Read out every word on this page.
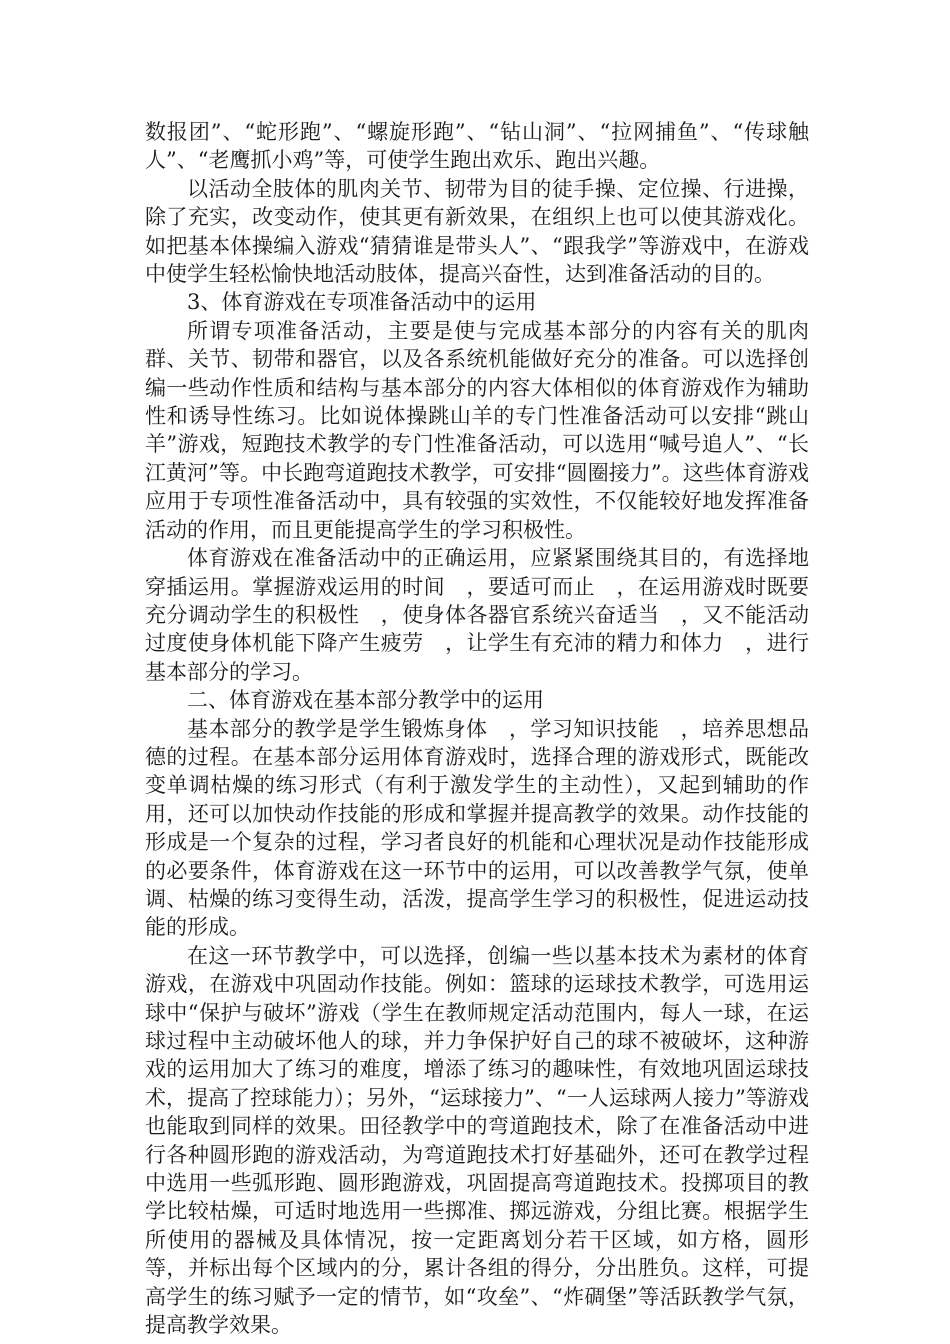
数报团”、“蛇形跑”、“螺旋形跑”、“钻山洞”、“拉网捕鱼”、“传球触人”、“老鹰抓小鸡”等，可使学生跑出欢乐、跑出兴趣。

以活动全肢体的肌肉关节、韧带为目的徒手操、定位操、行进操，除了充实，改变动作，使其更有新效果，在组织上也可以使其游戏化。如把基本体操编入游戏“猜猜谁是带头人”、“跟我学”等游戏中，在游戏中使学生轻松愉快地活动肢体，提高兴奋性，达到准备活动的目的。

3、体育游戏在专项准备活动中的运用

所谓专项准备活动，主要是使与完成基本部分的内容有关的肌肉群、关节、韧带和器官，以及各系统机能做好充分的准备。可以选择创编一些动作性质和结构与基本部分的内容大体相似的体育游戏作为辅助性和诱导性练习。比如说体操跳山羊的专门性准备活动可以安排“跳山羊”游戏，短跑技术教学的专门性准备活动，可以选用“喊号追人”、“长江黄河”等。中长跑弯道跑技术教学，可安排“圆圈接力”。这些体育游戏应用于专项性准备活动中，具有较强的实效性，不仅能较好地发挥准备活动的作用，而且更能提高学生的学习积极性。

体育游戏在准备活动中的正确运用，应紧紧围绕其目的，有选择地穿插运用。掌握游戏运用的时间　，要适可而止　，在运用游戏时既要充分调动学生的积极性　，使身体各器官系统兴奋适当　，又不能活动过度使身体机能下降产生疲劳　，让学生有充沛的精力和体力　，进行基本部分的学习。

二、体育游戏在基本部分教学中的运用

基本部分的教学是学生锻炼身体　，学习知识技能　，培养思想品德的过程。在基本部分运用体育游戏时，选择合理的游戏形式，既能改变单调枯燥的练习形式（有利于激发学生的主动性），又起到辅助的作用，还可以加快动作技能的形成和掌握并提高教学的效果。动作技能的形成是一个复杂的过程，学习者良好的机能和心理状况是动作技能形成的必要条件，体育游戏在这一环节中的运用，可以改善教学气氛，使单调、枯燥的练习变得生动，活泼，提高学生学习的积极性，促进运动技能的形成。

在这一环节教学中，可以选择，创编一些以基本技术为素材的体育游戏，在游戏中巩固动作技能。例如：篮球的运球技术教学，可选用运球中“保护与破坏”游戏（学生在教师规定活动范围内，每人一球，在运球过程中主动破坏他人的球，并力争保护好自己的球不被破坏，这种游戏的运用加大了练习的难度，增添了练习的趣味性，有效地巩固运球技术，提高了控球能力）；另外，“运球接力”、“一人运球两人接力”等游戏也能取到同样的效果。田径教学中的弯道跑技术，除了在准备活动中进行各种圆形跑的游戏活动，为弯道跑技术打好基础外，还可在教学过程中选用一些弧形跑、圆形跑游戏，巩固提高弯道跑技术。投掷项目的教学比较枯燥，可适时地选用一些掷准、掷远游戏，分组比赛。根据学生所使用的器械及具体情况，按一定距离划分若干区域，如方格，圆形等，并标出每个区域内的分，累计各组的得分，分出胜负。这样，可提高学生的练习赋予一定的情节，如“攻垒”、“炸碉堡”等活跃教学气氛，提高教学效果。
